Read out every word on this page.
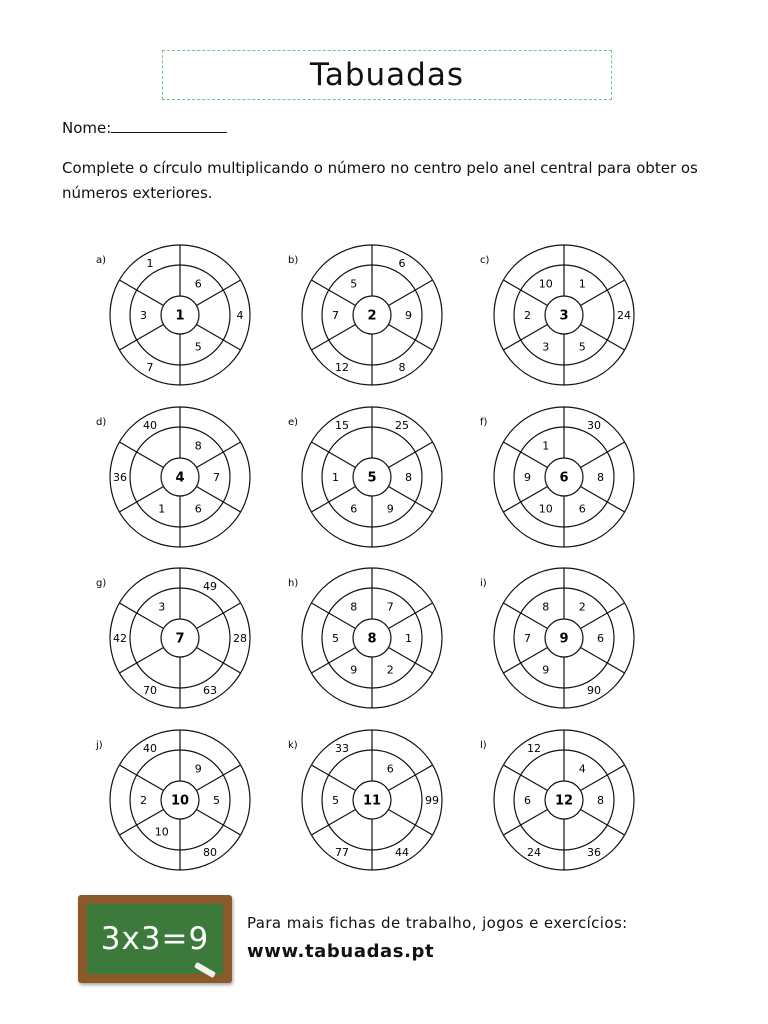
Tabuadas
Nome:
Complete o círculo multiplicando o número no centro pelo anel central para obter os números exteriores.
a)
1
6
4
5
7
3
1	b)
2
6
9
8
12
7
5
c)
3
1
24
5
3
2
10
d)
4
8
7
6
1
36
40	e)
5
25
8
9
6
1
15	f)
6
30
8
6
10
9
1
g)
7
49
28
63
70
42
3
h)
8
7
1
2
9
5
8
i)
9
2
6
90
9
7
8
j)
10
9
5
80
10
2
40	k)
11
6
99
44
77
5
33	l)
12
4
8
36
24
6
12
3x3=9	Para mais fichas de trabalho, jogos e exercícios:
www.tabuadas.pt
